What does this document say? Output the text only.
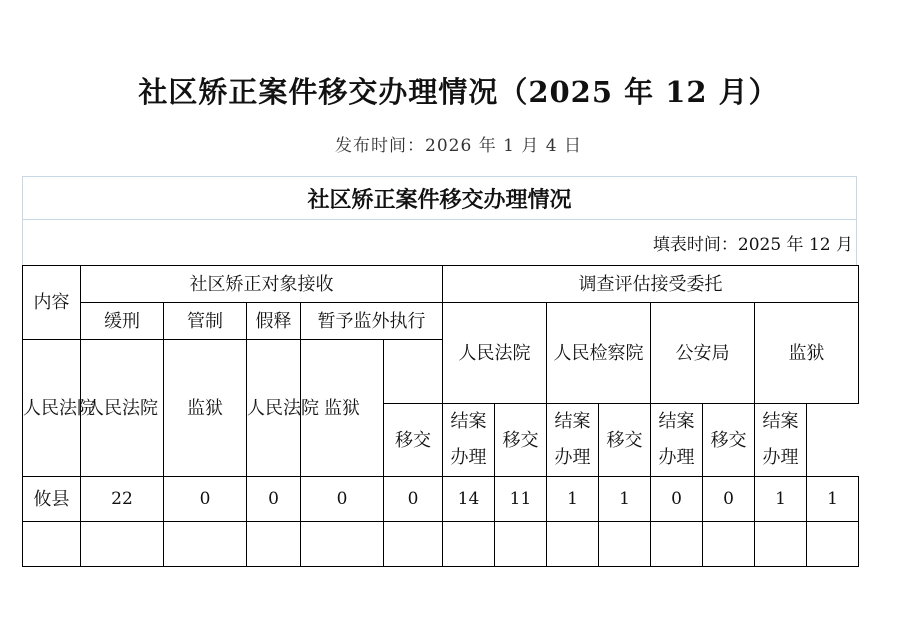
社区矫正案件移交办理情况（2025 年 12 月）
发布时间：2026 年 1 月 4 日
社区矫正案件移交办理情况
填表时间：2025 年 12 月
内容	社区矫正对象接收					调查评估接受委托							
	缓刑	管制	假释	暂予监外执行		人民法院		人民检察院		公安局		监狱	
人民法院	人民法院	监狱	人民法院	监狱									
					移交	结案办理	移交	结案办理	移交	结案办理	移交	结案办理	
攸县	22	0	0	0	0	14	11	1	1	0	0	1	1
